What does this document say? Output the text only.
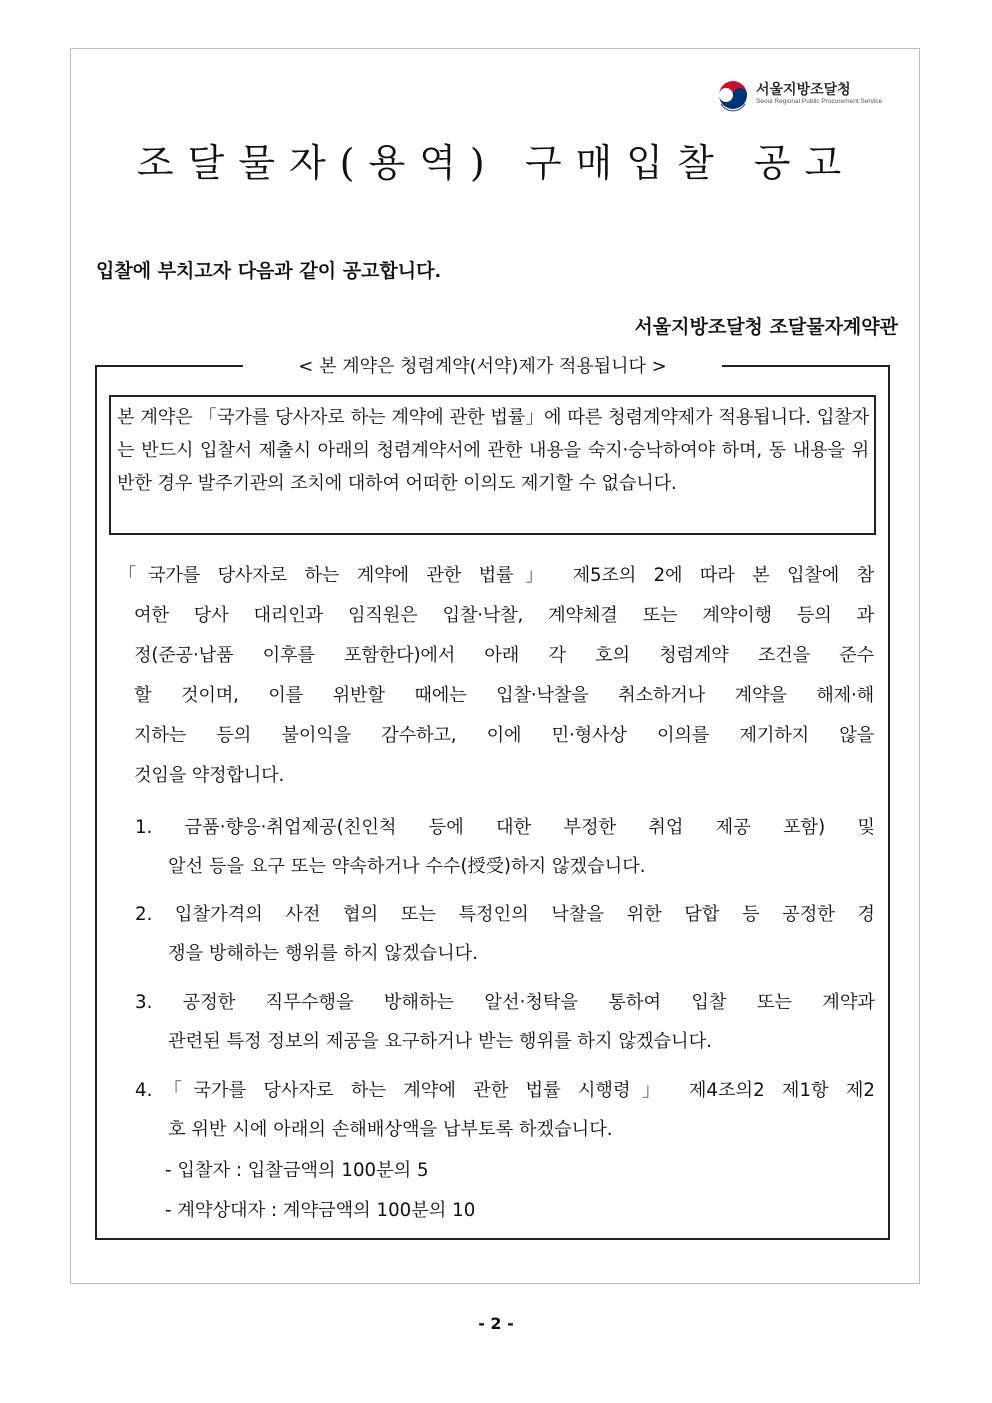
서울지방조달청
Seoul Regional Public Procurement Service
조달물자(용역) 구매입찰 공고
입찰에 부치고자 다음과 같이 공고합니다.
서울지방조달청 조달물자계약관
< 본 계약은 청렴계약(서약)제가 적용됩니다 >
본 계약은 「국가를 당사자로 하는 계약에 관한 법률」에 따른 청렴계약제가 적용됩니다. 입찰자는 반드시 입찰서 제출시 아래의 청렴계약서에 관한 내용을 숙지·승낙하여야 하며, 동 내용을 위반한 경우 발주기관의 조치에 대하여 어떠한 이의도 제기할 수 없습니다.
「국가를 당사자로 하는 계약에 관한 법률」 제5조의 2에 따라 본 입찰에 참
여한 당사 대리인과 임직원은 입찰·낙찰, 계약체결 또는 계약이행 등의 과
정(준공·납품 이후를 포함한다)에서 아래 각 호의 청렴계약 조건을 준수
할 것이며, 이를 위반할 때에는 입찰·낙찰을 취소하거나 계약을 해제·해
지하는 등의 불이익을 감수하고, 이에 민·형사상 이의를 제기하지 않을
것임을 약정합니다.
1. 금품·향응·취업제공(친인척 등에 대한 부정한 취업 제공 포함) 및
알선 등을 요구 또는 약속하거나 수수(授受)하지 않겠습니다.
2. 입찰가격의 사전 협의 또는 특정인의 낙찰을 위한 담합 등 공정한 경
쟁을 방해하는 행위를 하지 않겠습니다.
3. 공정한 직무수행을 방해하는 알선·청탁을 통하여 입찰 또는 계약과
관련된 특정 정보의 제공을 요구하거나 받는 행위를 하지 않겠습니다.
4.「국가를 당사자로 하는 계약에 관한 법률 시행령」 제4조의2 제1항 제2
호 위반 시에 아래의 손해배상액을 납부토록 하겠습니다.
- 입찰자 : 입찰금액의 100분의 5
- 계약상대자 : 계약금액의 100분의 10
- 2 -
